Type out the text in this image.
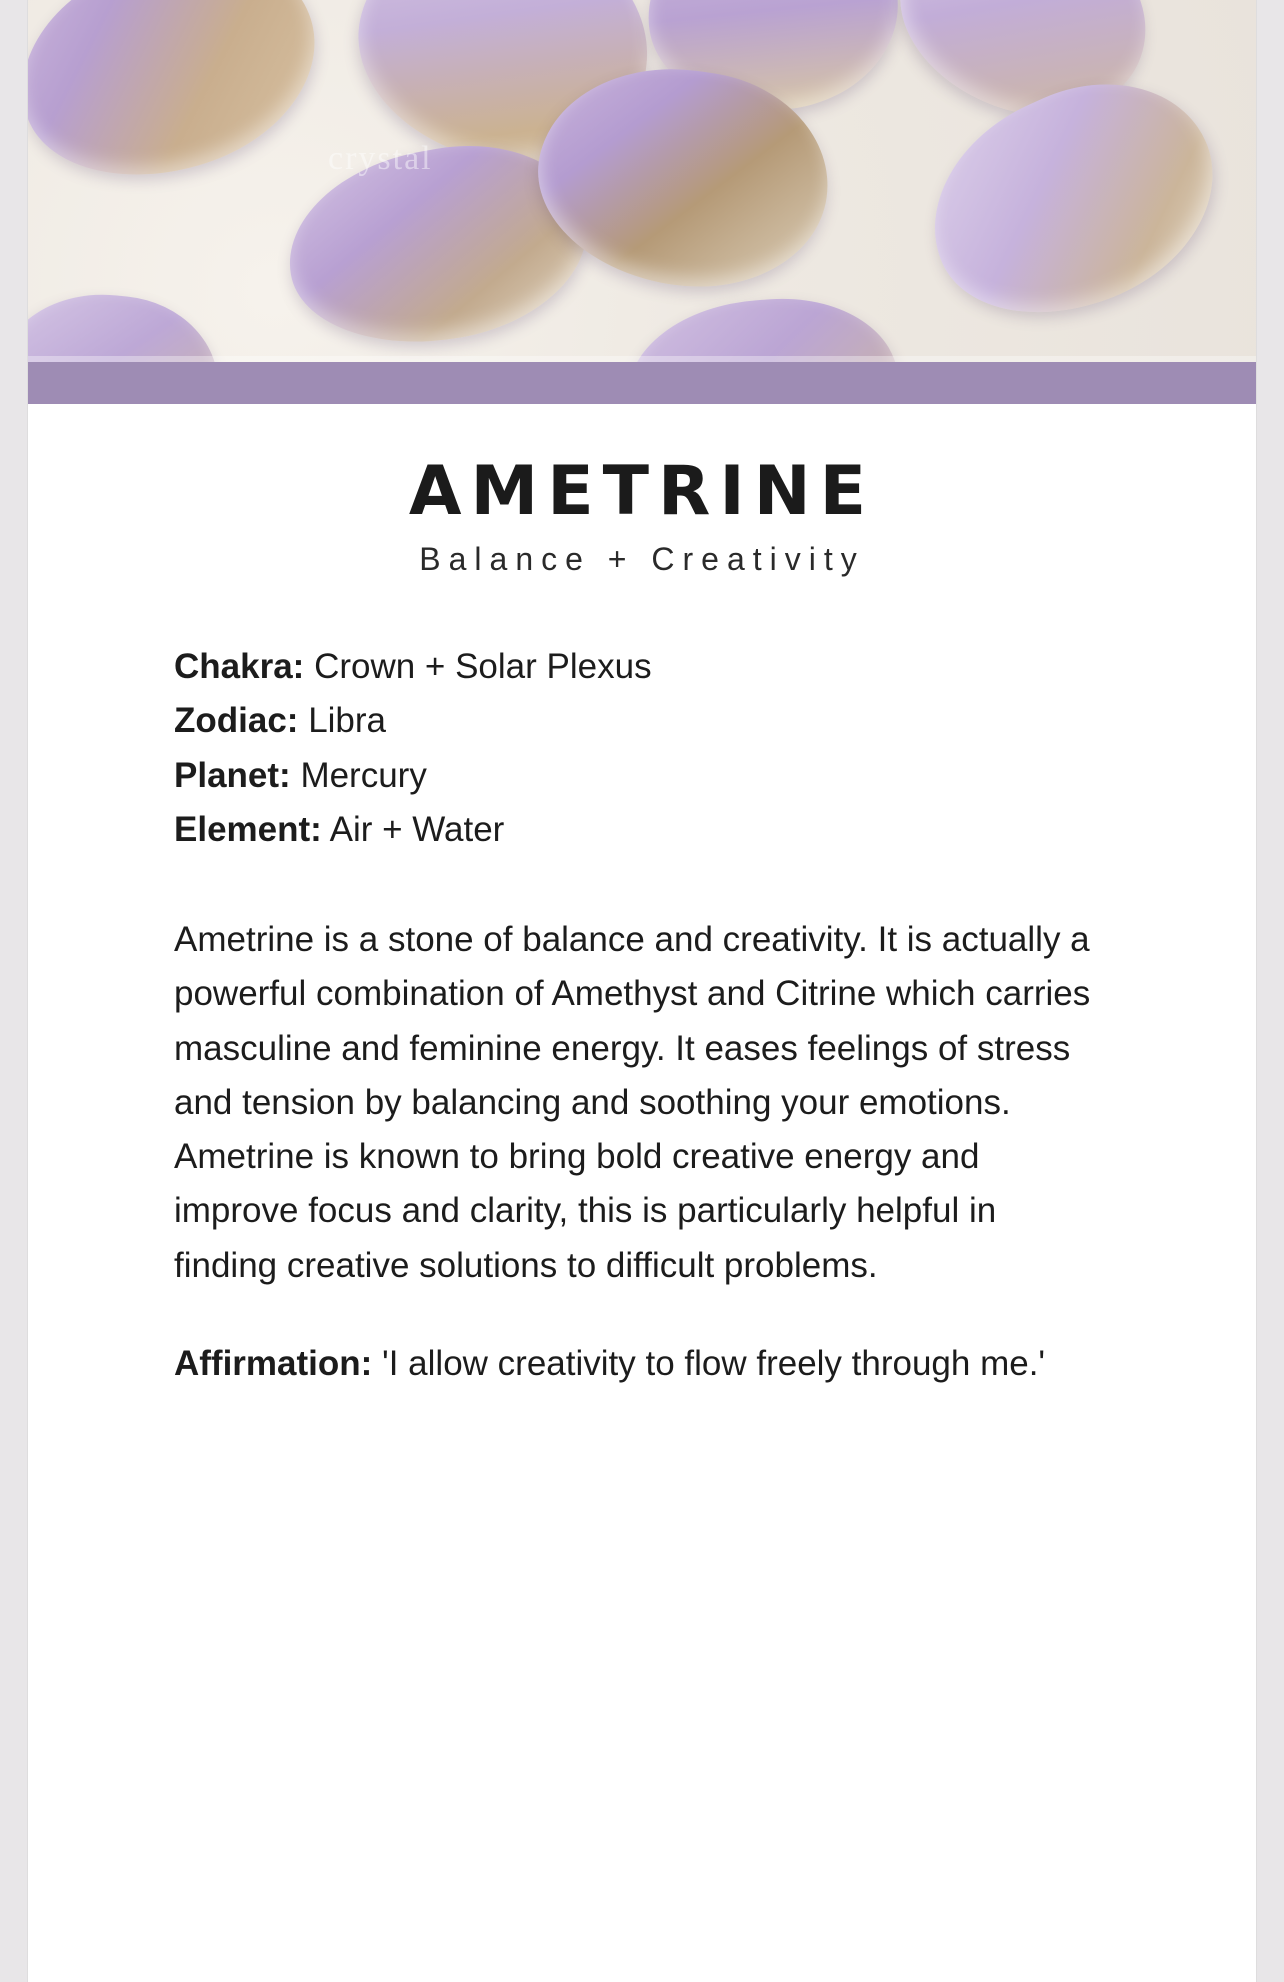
crystal
AMETRINE
Balance + Creativity
Chakra: Crown + Solar Plexus
Zodiac: Libra
Planet: Mercury
Element: Air + Water
Ametrine is a stone of balance and creativity. It is actually a powerful combination of Amethyst and Citrine which carries masculine and feminine energy. It eases feelings of stress and tension by balancing and soothing your emotions. Ametrine is known to bring bold creative energy and improve focus and clarity, this is particularly helpful in finding creative solutions to difficult problems.
Affirmation: 'I allow creativity to flow freely through me.'
